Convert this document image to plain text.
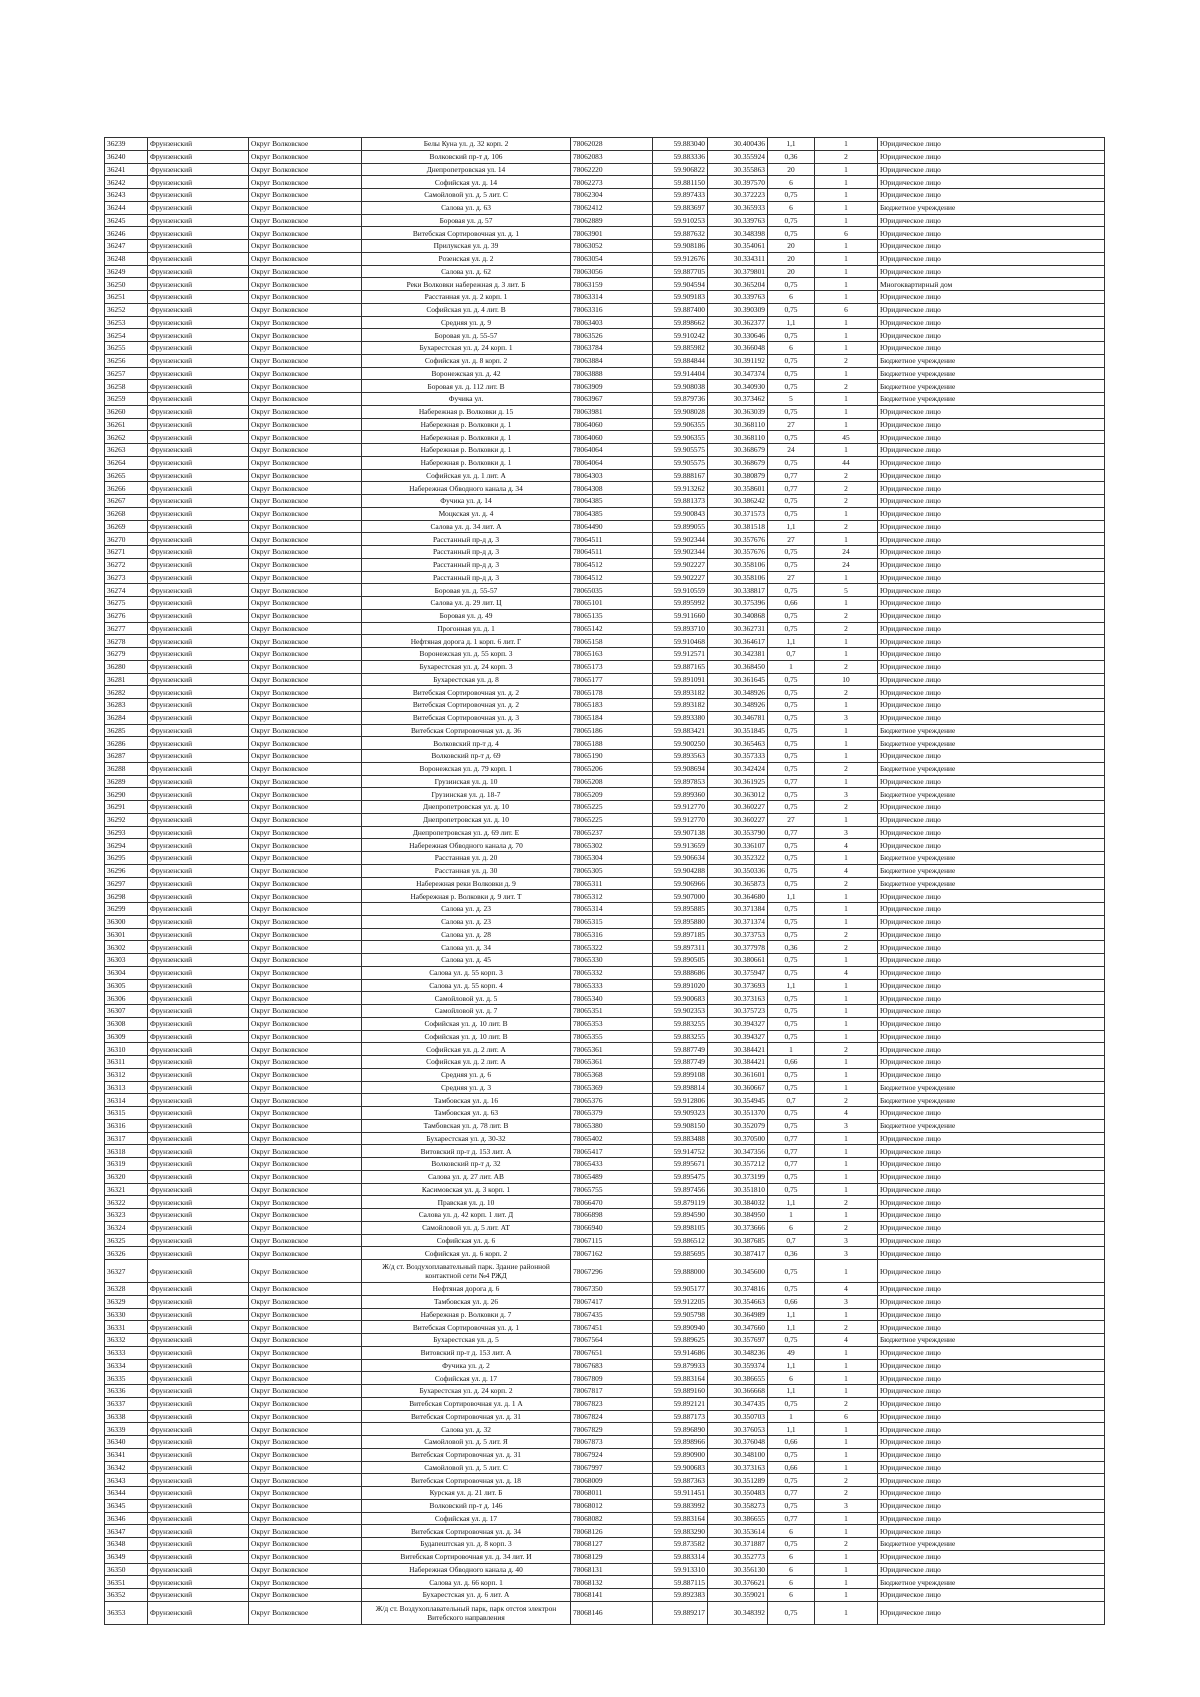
36239	Фрунзенский	Округ Волковское	Белы Куна ул. д. 32 корп. 2	78062028	59.883040	30.400436	1,1	1	Юридическое лицо
36240	Фрунзенский	Округ Волковское	Волковский пр-т д. 106	78062083	59.883336	30.355924	0,36	2	Юридическое лицо
36241	Фрунзенский	Округ Волковское	Днепропетровская ул. 14	78062220	59.906822	30.355863	20	1	Юридическое лицо
36242	Фрунзенский	Округ Волковское	Софийская ул. д. 14	78062273	59.881150	30.397570	6	1	Юридическое лицо
36243	Фрунзенский	Округ Волковское	Самойловой ул. д. 5 лит. С	78062304	59.897433	30.372223	0,75	1	Юридическое лицо
36244	Фрунзенский	Округ Волковское	Салова ул. д. 63	78062412	59.883697	30.365933	6	1	Бюджетное учреждение
36245	Фрунзенский	Округ Волковское	Боровая ул. д. 57	78062889	59.910253	30.339763	0,75	1	Юридическое лицо
36246	Фрунзенский	Округ Волковское	Витебская Сортировочная ул. д. 1	78063901	59.887632	30.348398	0,75	6	Юридическое лицо
36247	Фрунзенский	Округ Волковское	Прилукская ул. д. 39	78063052	59.908186	30.354061	20	1	Юридическое лицо
36248	Фрунзенский	Округ Волковское	Розенская ул. д. 2	78063054	59.912676	30.334311	20	1	Юридическое лицо
36249	Фрунзенский	Округ Волковское	Салова ул. д. 62	78063056	59.887705	30.379801	20	1	Юридическое лицо
36250	Фрунзенский	Округ Волковское	Реки Волковки набережная д. 3 лит. Б	78063159	59.904594	30.365204	0,75	1	Многоквартирный дом
36251	Фрунзенский	Округ Волковское	Расстанная ул. д. 2 корп. 1	78063314	59.909183	30.339763	6	1	Юридическое лицо
36252	Фрунзенский	Округ Волковское	Софийская ул. д. 4 лит. В	78063316	59.887400	30.390309	0,75	6	Юридическое лицо
36253	Фрунзенский	Округ Волковское	Средняя ул. д. 9	78063403	59.898662	30.362377	1,1	1	Юридическое лицо
36254	Фрунзенский	Округ Волковское	Боровая ул. д. 55-57	78063526	59.910242	30.330646	0,75	1	Юридическое лицо
36255	Фрунзенский	Округ Волковское	Бухарестская ул. д. 24 корп. 1	78063784	59.885982	30.366048	6	1	Юридическое лицо
36256	Фрунзенский	Округ Волковское	Софийская ул. д. 8 корп. 2	78063884	59.884844	30.391192	0,75	2	Бюджетное учреждение
36257	Фрунзенский	Округ Волковское	Воронежская ул. д. 42	78063888	59.914404	30.347374	0,75	1	Бюджетное учреждение
36258	Фрунзенский	Округ Волковское	Боровая ул. д. 112 лит. В	78063909	59.908038	30.340930	0,75	2	Бюджетное учреждение
36259	Фрунзенский	Округ Волковское	Фучика ул.	78063967	59.879736	30.373462	5	1	Бюджетное учреждение
36260	Фрунзенский	Округ Волковское	Набережная р. Волковки д. 15	78063981	59.908028	30.363039	0,75	1	Юридическое лицо
36261	Фрунзенский	Округ Волковское	Набережная р. Волковки д. 1	78064060	59.906355	30.368110	27	1	Юридическое лицо
36262	Фрунзенский	Округ Волковское	Набережная р. Волковки д. 1	78064060	59.906355	30.368110	0,75	45	Юридическое лицо
36263	Фрунзенский	Округ Волковское	Набережная р. Волковки д. 1	78064064	59.905575	30.368679	24	1	Юридическое лицо
36264	Фрунзенский	Округ Волковское	Набережная р. Волковки д. 1	78064064	59.905575	30.368679	0,75	44	Юридическое лицо
36265	Фрунзенский	Округ Волковское	Софийская ул. д. 1 лит. А	78064303	59.888167	30.380879	0,77	2	Юридическое лицо
36266	Фрунзенский	Округ Волковское	Набережная Обводного канала д. 34	78064308	59.913262	30.358601	0,77	2	Юридическое лицо
36267	Фрунзенский	Округ Волковское	Фучика ул. д. 14	78064385	59.881373	30.386242	0,75	2	Юридическое лицо
36268	Фрунзенский	Округ Волковское	Моцкская ул. д. 4	78064385	59.900843	30.371573	0,75	1	Юридическое лицо
36269	Фрунзенский	Округ Волковское	Салова ул. д. 34 лит. А	78064490	59.899055	30.381518	1,1	2	Юридическое лицо
36270	Фрунзенский	Округ Волковское	Расстанный пр-д д. 3	78064511	59.902344	30.357676	27	1	Юридическое лицо
36271	Фрунзенский	Округ Волковское	Расстанный пр-д д. 3	78064511	59.902344	30.357676	0,75	24	Юридическое лицо
36272	Фрунзенский	Округ Волковское	Расстанный пр-д д. 3	78064512	59.902227	30.358106	0,75	24	Юридическое лицо
36273	Фрунзенский	Округ Волковское	Расстанный пр-д д. 3	78064512	59.902227	30.358106	27	1	Юридическое лицо
36274	Фрунзенский	Округ Волковское	Боровая ул. д. 55-57	78065035	59.910559	30.338817	0,75	5	Юридическое лицо
36275	Фрунзенский	Округ Волковское	Салова ул. д. 29 лит. Ц	78065101	59.895992	30.375396	0,66	1	Юридическое лицо
36276	Фрунзенский	Округ Волковское	Боровая ул. д. 49	78065135	59.911660	30.340868	0,75	2	Юридическое лицо
36277	Фрунзенский	Округ Волковское	Прогонная ул. д. 1	78065142	59.893710	30.362731	0,75	2	Юридическое лицо
36278	Фрунзенский	Округ Волковское	Нефтяная дорога д. 1 корп. 6 лит. Г	78065158	59.910468	30.364617	1,1	1	Юридическое лицо
36279	Фрунзенский	Округ Волковское	Воронежская ул. д. 55 корп. 3	78065163	59.912571	30.342381	0,7	1	Юридическое лицо
36280	Фрунзенский	Округ Волковское	Бухарестская ул. д. 24 корп. 3	78065173	59.887165	30.368450	1	2	Юридическое лицо
36281	Фрунзенский	Округ Волковское	Бухарестская ул. д. 8	78065177	59.891091	30.361645	0,75	10	Юридическое лицо
36282	Фрунзенский	Округ Волковское	Витебская Сортировочная ул. д. 2	78065178	59.893182	30.348926	0,75	2	Юридическое лицо
36283	Фрунзенский	Округ Волковское	Витебская Сортировочная ул. д. 2	78065183	59.893182	30.348926	0,75	1	Юридическое лицо
36284	Фрунзенский	Округ Волковское	Витебская Сортировочная ул. д. 3	78065184	59.893380	30.346781	0,75	3	Юридическое лицо
36285	Фрунзенский	Округ Волковское	Витебская Сортировочная ул. д. 36	78065186	59.883421	30.351845	0,75	1	Бюджетное учреждение
36286	Фрунзенский	Округ Волковское	Волковский пр-т д. 4	78065188	59.900250	30.365463	0,75	1	Бюджетное учреждение
36287	Фрунзенский	Округ Волковское	Волковский пр-т д. 69	78065190	59.893563	30.357333	0,75	1	Юридическое лицо
36288	Фрунзенский	Округ Волковское	Воронежская ул. д. 79 корп. 1	78065206	59.908694	30.342424	0,75	2	Бюджетное учреждение
36289	Фрунзенский	Округ Волковское	Грузинская ул. д. 10	78065208	59.897853	30.361925	0,77	1	Юридическое лицо
36290	Фрунзенский	Округ Волковское	Грузинская ул. д. 18-7	78065209	59.899360	30.363012	0,75	3	Бюджетное учреждение
36291	Фрунзенский	Округ Волковское	Днепропетровская ул. д. 10	78065225	59.912770	30.360227	0,75	2	Юридическое лицо
36292	Фрунзенский	Округ Волковское	Днепропетровская ул. д. 10	78065225	59.912770	30.360227	27	1	Юридическое лицо
36293	Фрунзенский	Округ Волковское	Днепропетровская ул. д. 69 лит. Е	78065237	59.907138	30.353790	0,77	3	Юридическое лицо
36294	Фрунзенский	Округ Волковское	Набережная Обводного канала д. 70	78065302	59.913659	30.336107	0,75	4	Юридическое лицо
36295	Фрунзенский	Округ Волковское	Расстанная ул. д. 20	78065304	59.906634	30.352322	0,75	1	Бюджетное учреждение
36296	Фрунзенский	Округ Волковское	Расстанная ул. д. 30	78065305	59.904288	30.350336	0,75	4	Бюджетное учреждение
36297	Фрунзенский	Округ Волковское	Набережная реки Волковки д. 9	78065311	59.906966	30.365873	0,75	2	Бюджетное учреждение
36298	Фрунзенский	Округ Волковское	Набережная р. Волковки д. 9 лит. Т	78065312	59.907000	30.364680	1,1	1	Юридическое лицо
36299	Фрунзенский	Округ Волковское	Салова ул. д. 23	78065314	59.895885	30.371384	0,75	1	Юридическое лицо
36300	Фрунзенский	Округ Волковское	Салова ул. д. 23	78065315	59.895880	30.371374	0,75	1	Юридическое лицо
36301	Фрунзенский	Округ Волковское	Салова ул. д. 28	78065316	59.897185	30.373753	0,75	2	Юридическое лицо
36302	Фрунзенский	Округ Волковское	Салова ул. д. 34	78065322	59.897311	30.377978	0,36	2	Юридическое лицо
36303	Фрунзенский	Округ Волковское	Салова ул. д. 45	78065330	59.890505	30.380661	0,75	1	Юридическое лицо
36304	Фрунзенский	Округ Волковское	Салова ул. д. 55 корп. 3	78065332	59.888686	30.375947	0,75	4	Юридическое лицо
36305	Фрунзенский	Округ Волковское	Салова ул. д. 55 корп. 4	78065333	59.891020	30.373693	1,1	1	Юридическое лицо
36306	Фрунзенский	Округ Волковское	Самойловой ул. д. 5	78065340	59.900683	30.373163	0,75	1	Юридическое лицо
36307	Фрунзенский	Округ Волковское	Самойловой ул. д. 7	78065351	59.902353	30.375723	0,75	1	Юридическое лицо
36308	Фрунзенский	Округ Волковское	Софийская ул. д. 10 лит. В	78065353	59.883255	30.394327	0,75	1	Юридическое лицо
36309	Фрунзенский	Округ Волковское	Софийская ул. д. 10 лит. В	78065355	59.883255	30.394327	0,75	1	Юридическое лицо
36310	Фрунзенский	Округ Волковское	Софийская ул. д. 2 лит. А	78065361	59.887749	30.384421	1	2	Юридическое лицо
36311	Фрунзенский	Округ Волковское	Софийская ул. д. 2 лит. А	78065361	59.887749	30.384421	0,66	1	Юридическое лицо
36312	Фрунзенский	Округ Волковское	Средняя ул. д. 6	78065368	59.899108	30.361601	0,75	1	Юридическое лицо
36313	Фрунзенский	Округ Волковское	Средняя ул. д. 3	78065369	59.898814	30.360667	0,75	1	Бюджетное учреждение
36314	Фрунзенский	Округ Волковское	Тамбовская ул. д. 16	78065376	59.912806	30.354945	0,7	2	Бюджетное учреждение
36315	Фрунзенский	Округ Волковское	Тамбовская ул. д. 63	78065379	59.909323	30.351370	0,75	4	Юридическое лицо
36316	Фрунзенский	Округ Волковское	Тамбовская ул. д. 78 лит. В	78065380	59.908150	30.352079	0,75	3	Бюджетное учреждение
36317	Фрунзенский	Округ Волковское	Бухарестская ул. д. 30-32	78065402	59.883488	30.370500	0,77	1	Юридическое лицо
36318	Фрунзенский	Округ Волковское	Витовский пр-т д. 153 лит. А	78065417	59.914752	30.347356	0,77	1	Юридическое лицо
36319	Фрунзенский	Округ Волковское	Волковский пр-т д. 32	78065433	59.895671	30.357212	0,77	1	Юридическое лицо
36320	Фрунзенский	Округ Волковское	Салова ул. д. 27 лит. АВ	78065489	59.895475	30.373199	0,75	1	Юридическое лицо
36321	Фрунзенский	Округ Волковское	Касимовская ул. д. 3 корп. 1	78065755	59.897456	30.351810	0,75	1	Юридическое лицо
36322	Фрунзенский	Округ Волковское	Правская ул. д. 10	78066470	59.879119	30.384032	1,1	2	Юридическое лицо
36323	Фрунзенский	Округ Волковское	Салова ул. д. 42 корп. 1 лит. Д	78066898	59.894590	30.384950	1	1	Юридическое лицо
36324	Фрунзенский	Округ Волковское	Самойловой ул. д. 5 лит. АТ	78066940	59.898105	30.373666	6	2	Юридическое лицо
36325	Фрунзенский	Округ Волковское	Софийская ул. д. 6	78067115	59.886512	30.387685	0,7	3	Юридическое лицо
36326	Фрунзенский	Округ Волковское	Софийская ул. д. 6 корп. 2	78067162	59.885695	30.387417	0,36	3	Юридическое лицо
36327	Фрунзенский	Округ Волковское	Ж/д ст. Воздухоплавательный парк. Здание районной контактной сети №4 РЖД	78067296	59.888000	30.345600	0,75	1	Юридическое лицо
36328	Фрунзенский	Округ Волковское	Нефтяная дорога д. 6	78067350	59.905177	30.374816	0,75	4	Юридическое лицо
36329	Фрунзенский	Округ Волковское	Тамбовская ул. д. 26	78067417	59.912205	30.354663	0,66	3	Юридическое лицо
36330	Фрунзенский	Округ Волковское	Набережная р. Волковки д. 7	78067435	59.905798	30.364989	1,1	1	Юридическое лицо
36331	Фрунзенский	Округ Волковское	Витебская Сортировочная ул. д. 1	78067451	59.890940	30.347660	1,1	2	Юридическое лицо
36332	Фрунзенский	Округ Волковское	Бухарестская ул. д. 5	78067564	59.889625	30.357697	0,75	4	Бюджетное учреждение
36333	Фрунзенский	Округ Волковское	Витовский пр-т д. 153 лит. А	78067651	59.914686	30.348236	49	1	Юридическое лицо
36334	Фрунзенский	Округ Волковское	Фучика ул. д. 2	78067683	59.879933	30.359374	1,1	1	Юридическое лицо
36335	Фрунзенский	Округ Волковское	Софийская ул. д. 17	78067809	59.883164	30.386655	6	1	Юридическое лицо
36336	Фрунзенский	Округ Волковское	Бухарестская ул. д. 24 корп. 2	78067817	59.889160	30.366668	1,1	1	Юридическое лицо
36337	Фрунзенский	Округ Волковское	Витебская Сортировочная ул. д. 1 А	78067823	59.892121	30.347435	0,75	2	Юридическое лицо
36338	Фрунзенский	Округ Волковское	Витебская Сортировочная ул. д. 31	78067824	59.887173	30.350703	1	6	Юридическое лицо
36339	Фрунзенский	Округ Волковское	Салова ул. д. 32	78067829	59.896890	30.376053	1,1	1	Юридическое лицо
36340	Фрунзенский	Округ Волковское	Самойловой ул. д. 5 лит. Я	78067873	59.898966	30.376048	0,66	1	Юридическое лицо
36341	Фрунзенский	Округ Волковское	Витебская Сортировочная ул. д. 31	78067924	59.890900	30.348100	0,75	1	Юридическое лицо
36342	Фрунзенский	Округ Волковское	Самойловой ул. д. 5 лит. С	78067997	59.900683	30.373163	0,66	1	Юридическое лицо
36343	Фрунзенский	Округ Волковское	Витебская Сортировочная ул. д. 18	78068009	59.887363	30.351289	0,75	2	Юридическое лицо
36344	Фрунзенский	Округ Волковское	Курская ул. д. 21 лит. Б	78068011	59.911451	30.350483	0,77	2	Юридическое лицо
36345	Фрунзенский	Округ Волковское	Волковский пр-т д. 146	78068012	59.883992	30.358273	0,75	3	Юридическое лицо
36346	Фрунзенский	Округ Волковское	Софийская ул. д. 17	78068082	59.883164	30.386655	0,77	1	Юридическое лицо
36347	Фрунзенский	Округ Волковское	Витебская Сортировочная ул. д. 34	78068126	59.883290	30.353614	6	1	Юридическое лицо
36348	Фрунзенский	Округ Волковское	Будапештская ул. д. 8 корп. 3	78068127	59.873582	30.371887	0,75	2	Бюджетное учреждение
36349	Фрунзенский	Округ Волковское	Витебская Сортировочная ул. д. 34 лит. И	78068129	59.883314	30.352773	6	1	Юридическое лицо
36350	Фрунзенский	Округ Волковское	Набережная Обводного канала д. 40	78068131	59.913310	30.356130	6	1	Юридическое лицо
36351	Фрунзенский	Округ Волковское	Салова ул. д. 66 корп. 1	78068132	59.887115	30.376621	6	1	Бюджетное учреждение
36352	Фрунзенский	Округ Волковское	Бухарестская ул. д. 6 лит. А	78068141	59.892383	30.359021	6	1	Юридическое лицо
36353	Фрунзенский	Округ Волковское	Ж/д ст. Воздухоплавательный парк, парк отстоя электрон Витебского направления	78068146	59.889217	30.348392	0,75	1	Юридическое лицо
